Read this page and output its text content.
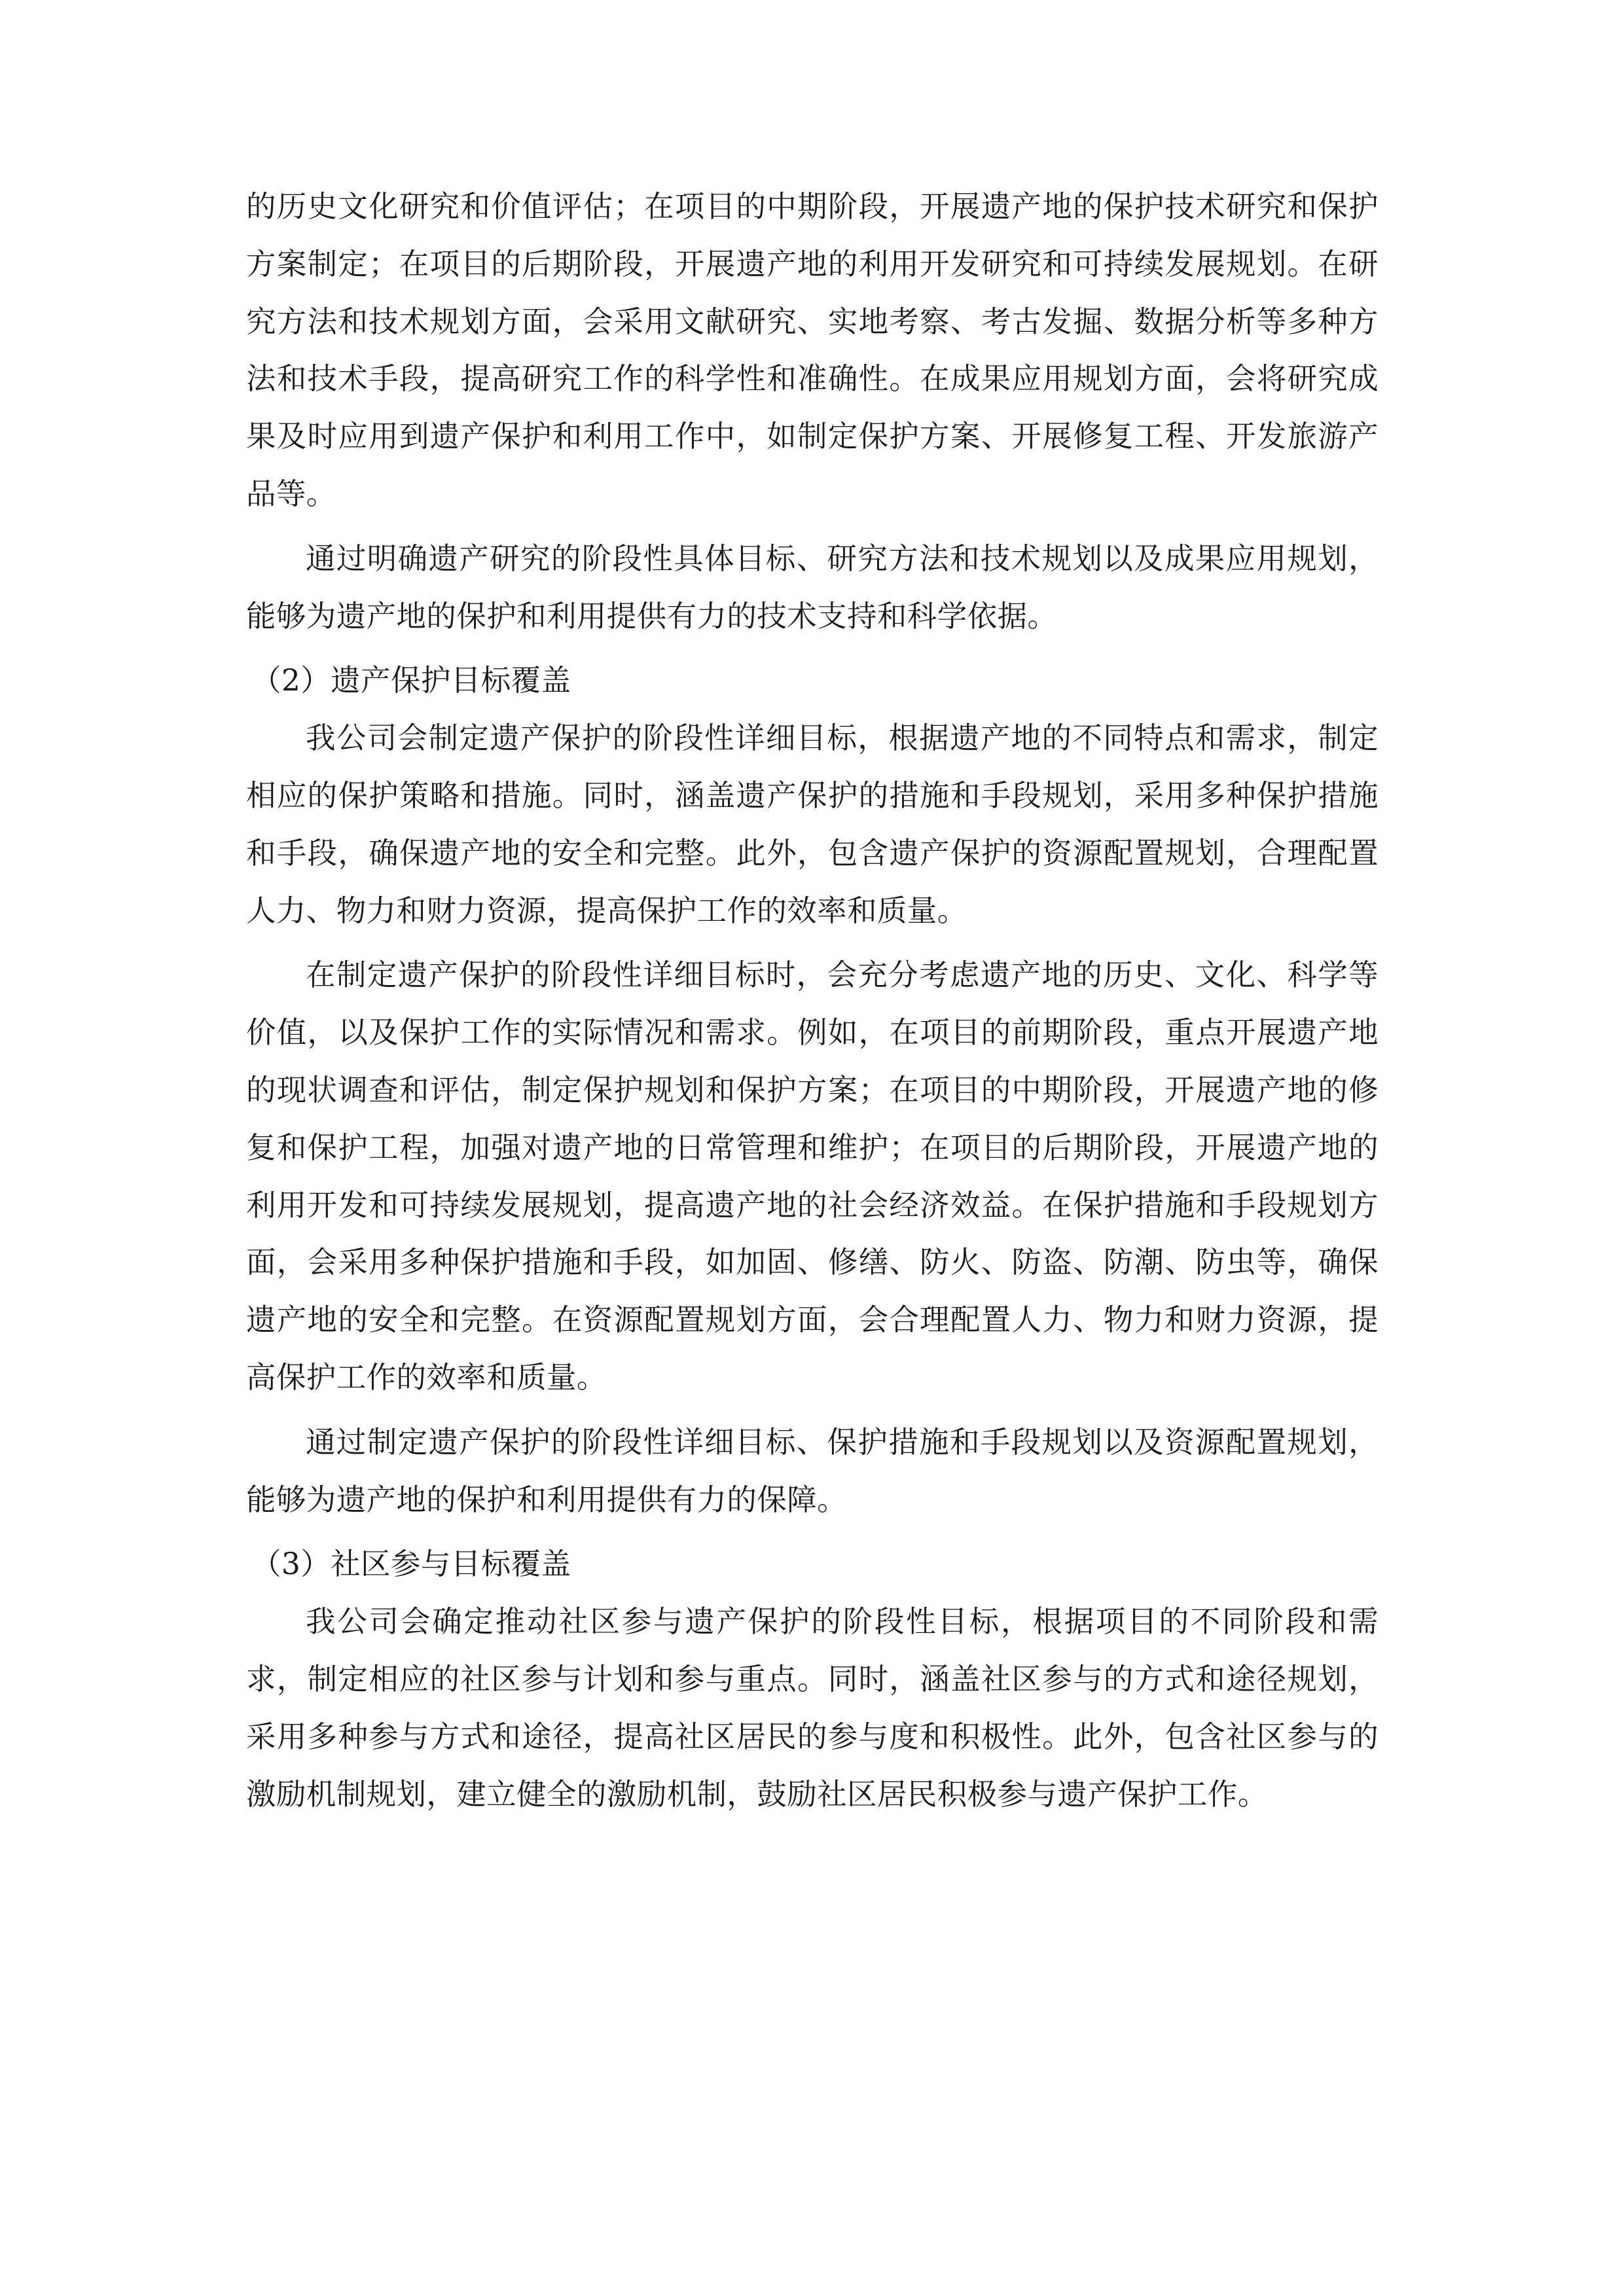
的历史文化研究和价值评估；在项目的中期阶段，开展遗产地的保护技术研究和保护方案制定；在项目的后期阶段，开展遗产地的利用开发研究和可持续发展规划。在研究方法和技术规划方面，会采用文献研究、实地考察、考古发掘、数据分析等多种方法和技术手段，提高研究工作的科学性和准确性。在成果应用规划方面，会将研究成果及时应用到遗产保护和利用工作中，如制定保护方案、开展修复工程、开发旅游产品等。

通过明确遗产研究的阶段性具体目标、研究方法和技术规划以及成果应用规划，能够为遗产地的保护和利用提供有力的技术支持和科学依据。

（2）遗产保护目标覆盖

我公司会制定遗产保护的阶段性详细目标，根据遗产地的不同特点和需求，制定相应的保护策略和措施。同时，涵盖遗产保护的措施和手段规划，采用多种保护措施和手段，确保遗产地的安全和完整。此外，包含遗产保护的资源配置规划，合理配置人力、物力和财力资源，提高保护工作的效率和质量。

在制定遗产保护的阶段性详细目标时，会充分考虑遗产地的历史、文化、科学等价值，以及保护工作的实际情况和需求。例如，在项目的前期阶段，重点开展遗产地的现状调查和评估，制定保护规划和保护方案；在项目的中期阶段，开展遗产地的修复和保护工程，加强对遗产地的日常管理和维护；在项目的后期阶段，开展遗产地的利用开发和可持续发展规划，提高遗产地的社会经济效益。在保护措施和手段规划方面，会采用多种保护措施和手段，如加固、修缮、防火、防盗、防潮、防虫等，确保遗产地的安全和完整。在资源配置规划方面，会合理配置人力、物力和财力资源，提高保护工作的效率和质量。

通过制定遗产保护的阶段性详细目标、保护措施和手段规划以及资源配置规划，能够为遗产地的保护和利用提供有力的保障。

（3）社区参与目标覆盖

我公司会确定推动社区参与遗产保护的阶段性目标，根据项目的不同阶段和需求，制定相应的社区参与计划和参与重点。同时，涵盖社区参与的方式和途径规划，采用多种参与方式和途径，提高社区居民的参与度和积极性。此外，包含社区参与的激励机制规划，建立健全的激励机制，鼓励社区居民积极参与遗产保护工作。
